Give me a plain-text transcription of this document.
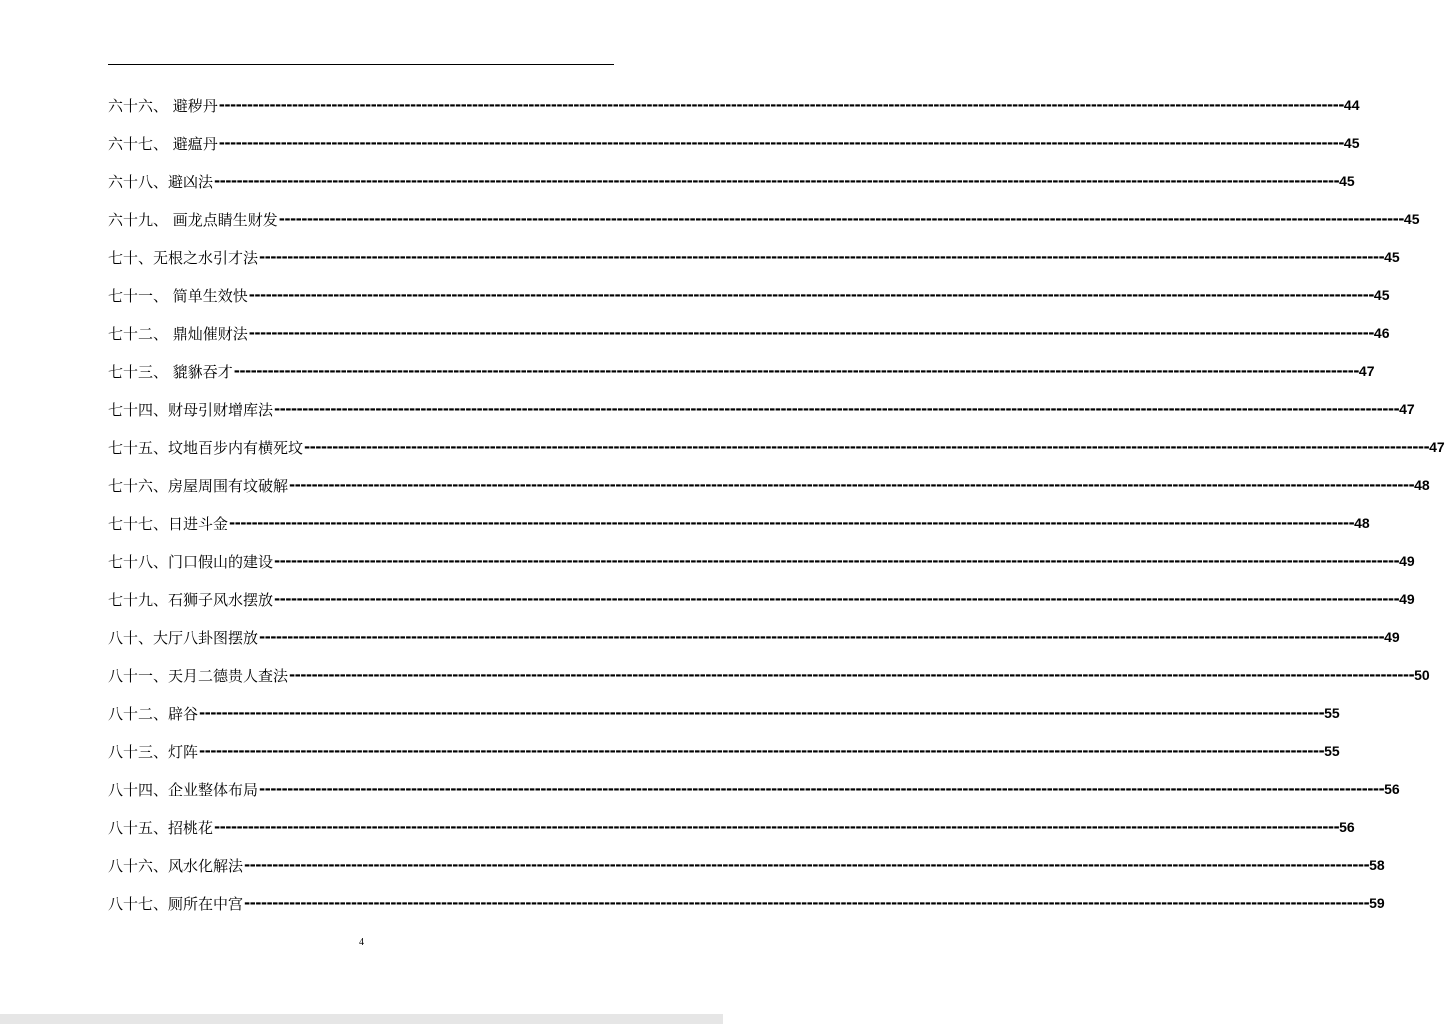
六十六、 避秽丹 -------------------------------------------------------------------------------------------------------------------------------------------------------------------------------------------------------- 44
六十七、 避瘟丹 -------------------------------------------------------------------------------------------------------------------------------------------------------------------------------------------------------- 45
六十八、避凶法 -------------------------------------------------------------------------------------------------------------------------------------------------------------------------------------------------------- 45
六十九、 画龙点睛生财发 -------------------------------------------------------------------------------------------------------------------------------------------------------------------------------------------------------- 45
七十、无根之水引才法 -------------------------------------------------------------------------------------------------------------------------------------------------------------------------------------------------------- 45
七十一、 简单生效快 -------------------------------------------------------------------------------------------------------------------------------------------------------------------------------------------------------- 45
七十二、 鼎灿催财法 -------------------------------------------------------------------------------------------------------------------------------------------------------------------------------------------------------- 46
七十三、 貔貅吞才 -------------------------------------------------------------------------------------------------------------------------------------------------------------------------------------------------------- 47
七十四、财母引财增库法 -------------------------------------------------------------------------------------------------------------------------------------------------------------------------------------------------------- 47
七十五、坟地百步内有横死坟 -------------------------------------------------------------------------------------------------------------------------------------------------------------------------------------------------------- 47
七十六、房屋周围有坟破解 -------------------------------------------------------------------------------------------------------------------------------------------------------------------------------------------------------- 48
七十七、日进斗金 -------------------------------------------------------------------------------------------------------------------------------------------------------------------------------------------------------- 48
七十八、门口假山的建设 -------------------------------------------------------------------------------------------------------------------------------------------------------------------------------------------------------- 49
七十九、石狮子风水摆放 -------------------------------------------------------------------------------------------------------------------------------------------------------------------------------------------------------- 49
八十、大厅八卦图摆放 -------------------------------------------------------------------------------------------------------------------------------------------------------------------------------------------------------- 49
八十一、天月二德贵人查法 -------------------------------------------------------------------------------------------------------------------------------------------------------------------------------------------------------- 50
八十二、辟谷 -------------------------------------------------------------------------------------------------------------------------------------------------------------------------------------------------------- 55
八十三、灯阵 -------------------------------------------------------------------------------------------------------------------------------------------------------------------------------------------------------- 55
八十四、企业整体布局 -------------------------------------------------------------------------------------------------------------------------------------------------------------------------------------------------------- 56
八十五、招桃花 -------------------------------------------------------------------------------------------------------------------------------------------------------------------------------------------------------- 56
八十六、风水化解法 -------------------------------------------------------------------------------------------------------------------------------------------------------------------------------------------------------- 58
八十七、厕所在中宫 -------------------------------------------------------------------------------------------------------------------------------------------------------------------------------------------------------- 59
4
